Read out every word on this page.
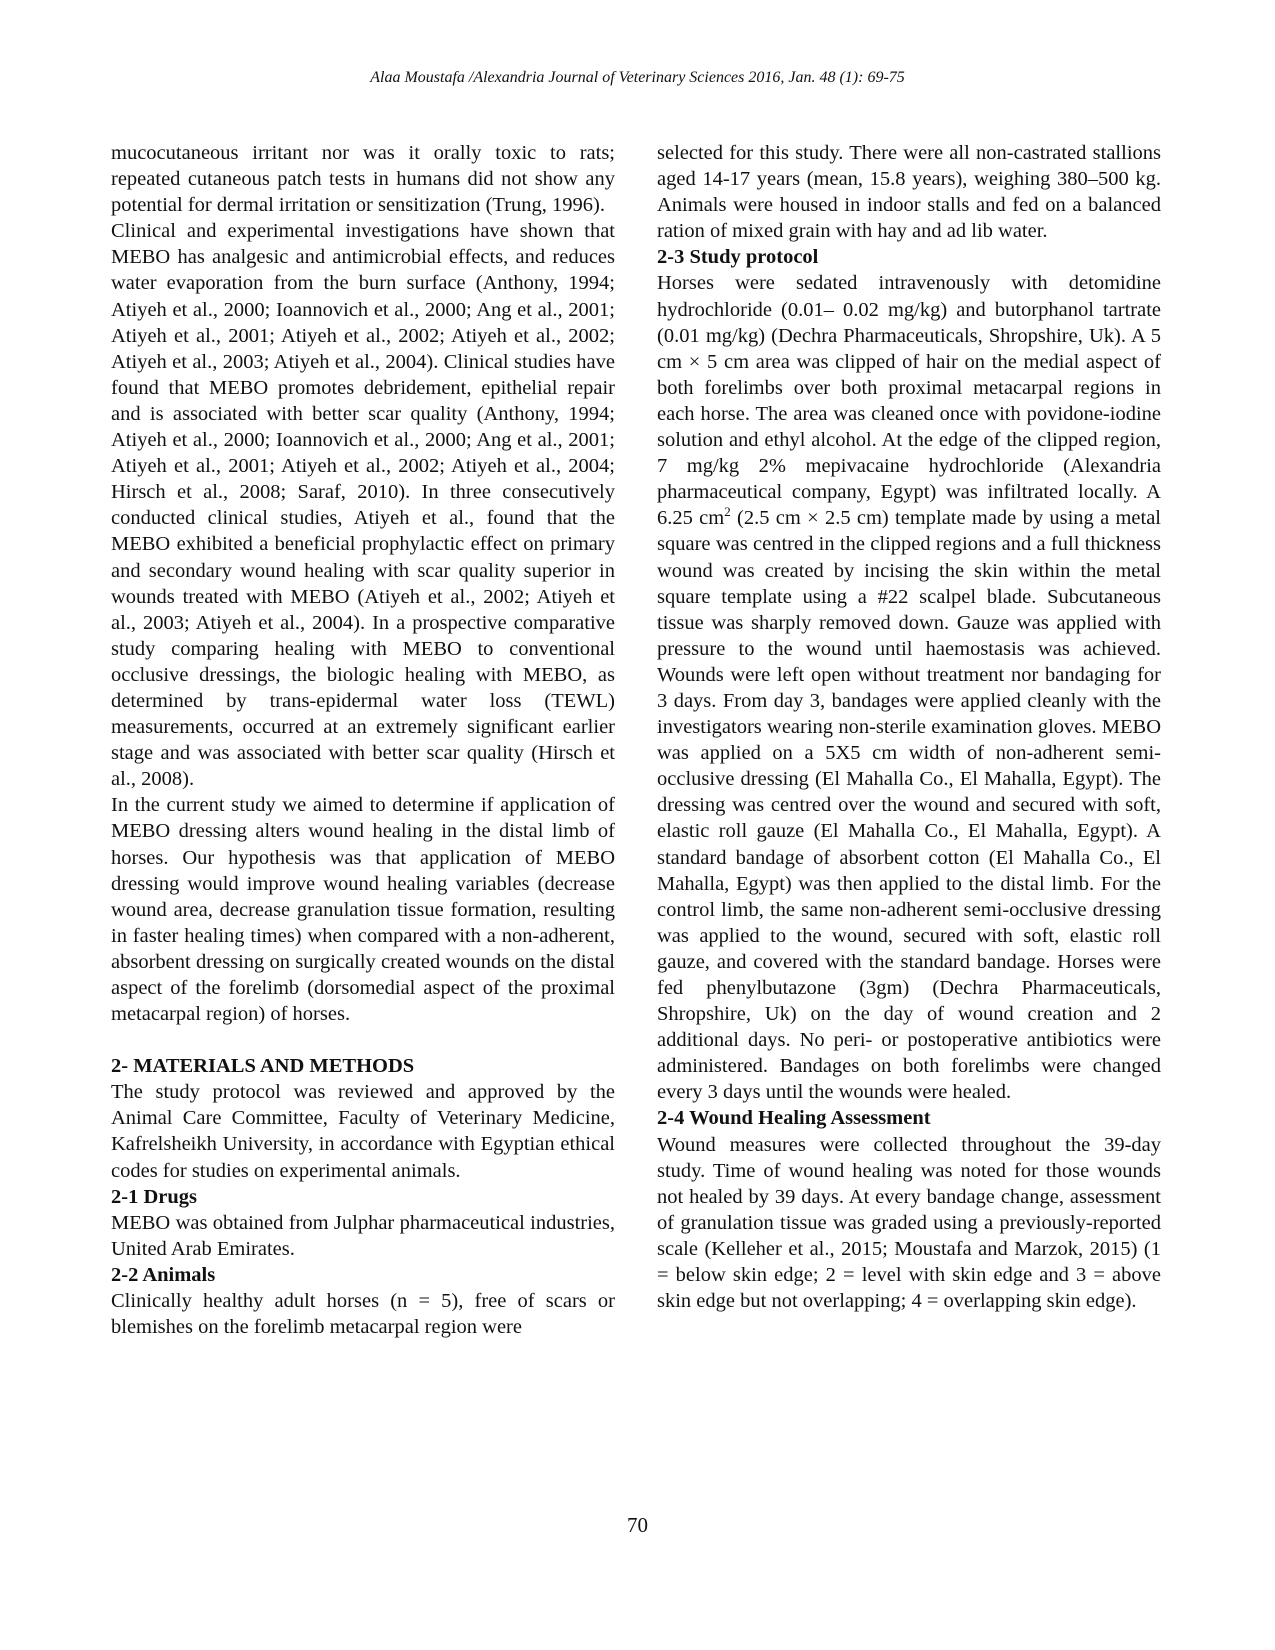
Alaa Moustafa /Alexandria Journal of Veterinary Sciences 2016, Jan. 48 (1): 69-75

mucocutaneous irritant nor was it orally toxic to rats; repeated cutaneous patch tests in humans did not show any potential for dermal irritation or sensitization (Trung, 1996).

Clinical and experimental investigations have shown that MEBO has analgesic and antimicrobial effects, and reduces water evaporation from the burn surface (Anthony, 1994; Atiyeh et al., 2000; Ioannovich et al., 2000; Ang et al., 2001; Atiyeh et al., 2001; Atiyeh et al., 2002; Atiyeh et al., 2002; Atiyeh et al., 2003; Atiyeh et al., 2004). Clinical studies have found that MEBO promotes debridement, epithelial repair and is associated with better scar quality (Anthony, 1994; Atiyeh et al., 2000; Ioannovich et al., 2000; Ang et al., 2001; Atiyeh et al., 2001; Atiyeh et al., 2002; Atiyeh et al., 2004; Hirsch et al., 2008; Saraf, 2010). In three consecutively conducted clinical studies, Atiyeh et al., found that the MEBO exhibited a beneficial prophylactic effect on primary and secondary wound healing with scar quality superior in wounds treated with MEBO (Atiyeh et al., 2002; Atiyeh et al., 2003; Atiyeh et al., 2004). In a prospective comparative study comparing healing with MEBO to conventional occlusive dressings, the biologic healing with MEBO, as determined by trans-epidermal water loss (TEWL) measurements, occurred at an extremely significant earlier stage and was associated with better scar quality (Hirsch et al., 2008).

In the current study we aimed to determine if application of MEBO dressing alters wound healing in the distal limb of horses. Our hypothesis was that application of MEBO dressing would improve wound healing variables (decrease wound area, decrease granulation tissue formation, resulting in faster healing times) when compared with a non-adherent, absorbent dressing on surgically created wounds on the distal aspect of the forelimb (dorsomedial aspect of the proximal metacarpal region) of horses.

2- MATERIALS AND METHODS

The study protocol was reviewed and approved by the Animal Care Committee, Faculty of Veterinary Medicine, Kafrelsheikh University, in accordance with Egyptian ethical codes for studies on experimental animals.

2-1 Drugs

MEBO was obtained from Julphar pharmaceutical industries, United Arab Emirates.

2-2 Animals

Clinically healthy adult horses (n = 5), free of scars or blemishes on the forelimb metacarpal region were

selected for this study. There were all non-castrated stallions aged 14-17 years (mean, 15.8 years), weighing 380–500 kg. Animals were housed in indoor stalls and fed on a balanced ration of mixed grain with hay and ad lib water.

2-3 Study protocol

Horses were sedated intravenously with detomidine hydrochloride (0.01– 0.02 mg/kg) and butorphanol tartrate (0.01 mg/kg) (Dechra Pharmaceuticals, Shropshire, Uk). A 5 cm × 5 cm area was clipped of hair on the medial aspect of both forelimbs over both proximal metacarpal regions in each horse. The area was cleaned once with povidone-iodine solution and ethyl alcohol. At the edge of the clipped region, 7 mg/kg 2% mepivacaine hydrochloride (Alexandria pharmaceutical company, Egypt) was infiltrated locally. A 6.25 $cm^2$ (2.5 cm × 2.5 cm) template made by using a metal square was centred in the clipped regions and a full thickness wound was created by incising the skin within the metal square template using a #22 scalpel blade. Subcutaneous tissue was sharply removed down. Gauze was applied with pressure to the wound until haemostasis was achieved. Wounds were left open without treatment nor bandaging for 3 days. From day 3, bandages were applied cleanly with the investigators wearing non-sterile examination gloves. MEBO was applied on a 5X5 cm width of non-adherent semi-occlusive dressing (El Mahalla Co., El Mahalla, Egypt). The dressing was centred over the wound and secured with soft, elastic roll gauze (El Mahalla Co., El Mahalla, Egypt). A standard bandage of absorbent cotton (El Mahalla Co., El Mahalla, Egypt) was then applied to the distal limb. For the control limb, the same non-adherent semi-occlusive dressing was applied to the wound, secured with soft, elastic roll gauze, and covered with the standard bandage. Horses were fed phenylbutazone (3gm) (Dechra Pharmaceuticals, Shropshire, Uk) on the day of wound creation and 2 additional days. No peri- or postoperative antibiotics were administered. Bandages on both forelimbs were changed every 3 days until the wounds were healed.

2-4 Wound Healing Assessment

Wound measures were collected throughout the 39-day study. Time of wound healing was noted for those wounds not healed by 39 days. At every bandage change, assessment of granulation tissue was graded using a previously-reported scale (Kelleher et al., 2015; Moustafa and Marzok, 2015) (1 = below skin edge; 2 = level with skin edge and 3 = above skin edge but not overlapping; 4 = overlapping skin edge).

70
